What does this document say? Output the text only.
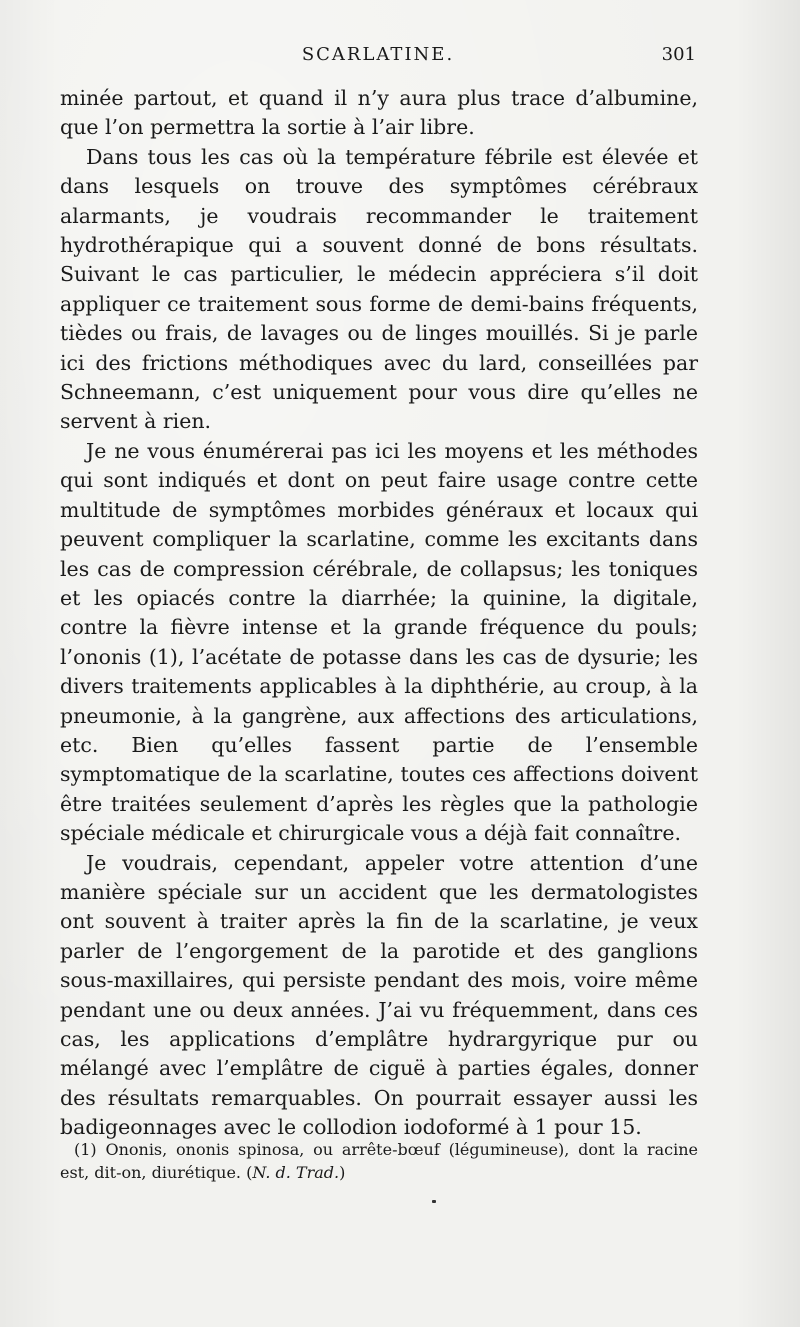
SCARLATINE.	301

minée partout, et quand il n’y aura plus trace d’albumine, que l’on permettra la sortie à l’air libre.

Dans tous les cas où la température fébrile est élevée et dans lesquels on trouve des symptômes cérébraux alarmants, je voudrais recommander le traitement hydrothérapique qui a souvent donné de bons résultats. Suivant le cas particulier, le médecin appréciera s’il doit appliquer ce traitement sous forme de demi-bains fréquents, tièdes ou frais, de lavages ou de linges mouillés. Si je parle ici des frictions méthodiques avec du lard, conseillées par Schneemann, c’est uniquement pour vous dire qu’elles ne servent à rien.

Je ne vous énumérerai pas ici les moyens et les méthodes qui sont indiqués et dont on peut faire usage contre cette multitude de symptômes morbides généraux et locaux qui peuvent compliquer la scarlatine, comme les excitants dans les cas de compression cérébrale, de collapsus; les toniques et les opiacés contre la diarrhée; la quinine, la digitale, contre la fièvre intense et la grande fréquence du pouls; l’ononis (1), l’acétate de potasse dans les cas de dysurie; les divers traitements applicables à la diphthérie, au croup, à la pneumonie, à la gangrène, aux affections des articulations, etc. Bien qu’elles fassent partie de l’ensemble symptomatique de la scarlatine, toutes ces affections doivent être traitées seulement d’après les règles que la pathologie spéciale médicale et chirurgicale vous a déjà fait connaître.

Je voudrais, cependant, appeler votre attention d’une manière spéciale sur un accident que les dermatologistes ont souvent à traiter après la fin de la scarlatine, je veux parler de l’engorgement de la parotide et des ganglions sous-maxillaires, qui persiste pendant des mois, voire même pendant une ou deux années. J’ai vu fréquemment, dans ces cas, les applications d’emplâtre hydrargyrique pur ou mélangé avec l’emplâtre de ciguë à parties égales, donner des résultats remarquables. On pourrait essayer aussi les badigeonnages avec le collodion iodoformé à 1 pour 15.

(1) Ononis, ononis spinosa, ou arrête-bœuf (légumineuse), dont la racine est, dit-on, diurétique. (N. d. Trad.)
